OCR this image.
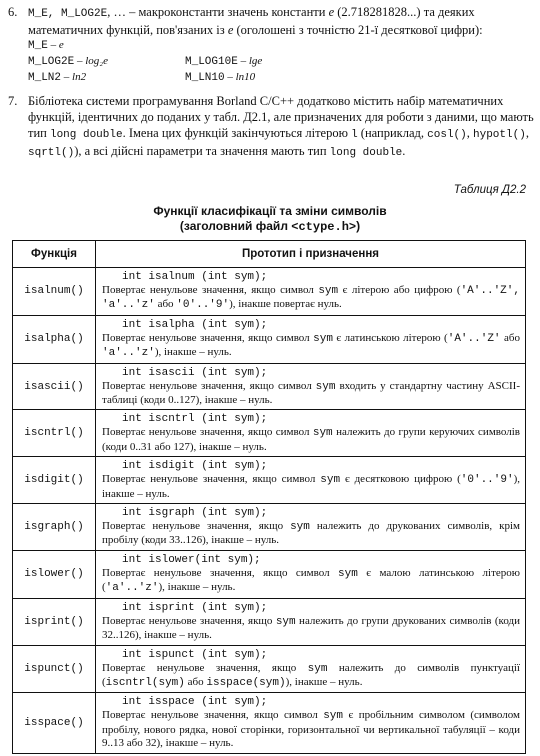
6. M_E, M_LOG2E, … – макроконстанти значень константи e (2.718281828...) та деяких математичних функцій, пов'язаних із e (оголошені з точністю 21-ї десяткової цифри):
M_E – e
M_LOG2E – log₂e	M_LOG10E – lge
M_LN2 – ln2	M_LN10 – ln10
7. Бібліотека системи програмування Borland C/C++ додатково містить набір математичних функцій, ідентичних до поданих у табл. Д2.1, але призначених для роботи з даними, що мають тип long double. Імена цих функцій закінчуються літерою l (наприклад, cosl(), hypotl(), sqrtl()), а всі дійсні параметри та значення мають тип long double.
Таблиця Д2.2
Функції класифікації та зміни символів
(заголовний файл <ctype.h>)
Функція	Прототип і призначення
isalnum()	int isalnum (int sym);
Повертає ненульове значення, якщо символ sym є літерою або цифрою ('A'..'Z', 'a'..'z' або '0'..'9'), інакше повертає нуль.

isalpha()	int isalpha (int sym);
Повертає ненульове значення, якщо символ sym є латинською літерою ('A'..'Z' або 'a'..'z'), інакше – нуль.

isascii()	int isascii (int sym);
Повертає ненульове значення, якщо символ sym входить у стандартну частину ASCII-таблиці (коди 0..127), інакше – нуль.

iscntrl()	int iscntrl (int sym);
Повертає ненульове значення, якщо символ sym належить до групи керуючих символів (коди 0..31 або 127), інакше – нуль.

isdigit()	int isdigit (int sym);
Повертає ненульове значення, якщо символ sym є десятковою цифрою ('0'..'9'), інакше – нуль.

isgraph()	int isgraph (int sym);
Повертає ненульове значення, якщо sym належить до друкованих символів, крім пробілу (коди 33..126), інакше – нуль.

islower()	int islower(int sym);
Повертає ненульове значення, якщо символ sym є малою латинською літерою ('a'..'z'), інакше – нуль.

isprint()	int isprint (int sym);
Повертає ненульове значення, якщо sym належить до групи друкованих символів (коди 32..126), інакше – нуль.

ispunct()	int ispunct (int sym);
Повертає ненульове значення, якщо sym належить до символів пунктуації (iscntrl(sym) або isspace(sym)), інакше – нуль.

isspace()	int isspace (int sym);
Повертає ненульове значення, якщо символ sym є пробільним символом (символом пробілу, нового рядка, нової сторінки, горизонтальної чи вертикальної табуляції – коди 9..13 або 32), інакше – нуль.
